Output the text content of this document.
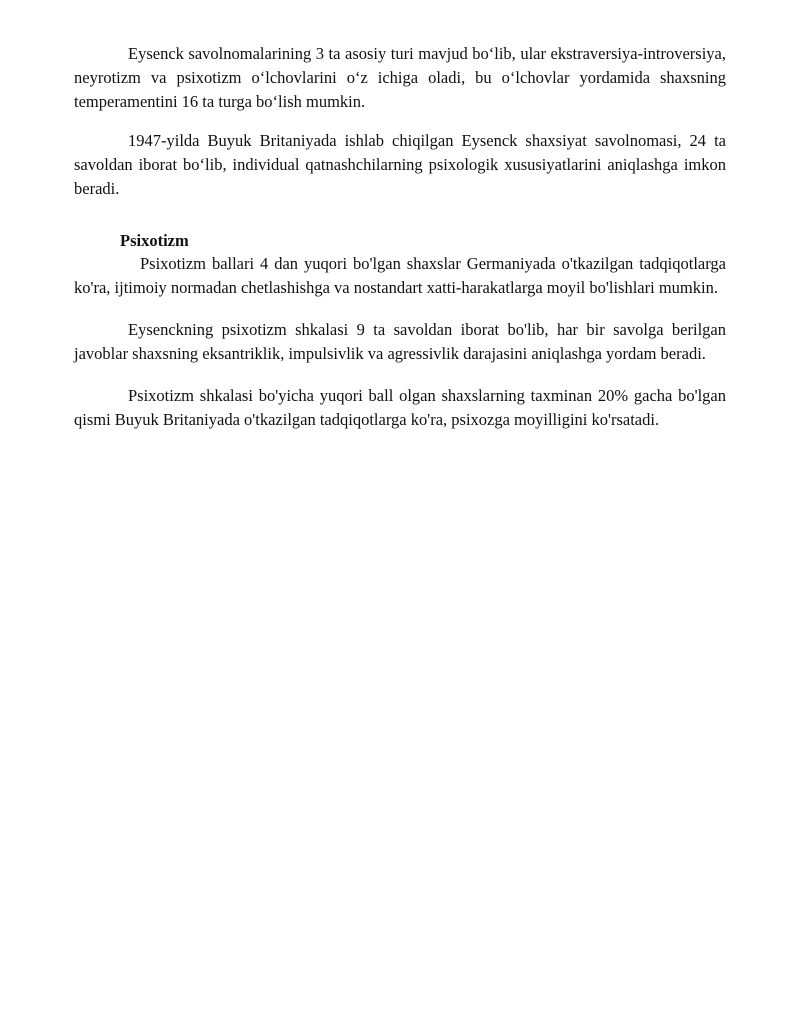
Eysenck savolnomalarining 3 ta asosiy turi mavjud bo‘lib, ular ekstraversiya-introversiya, neyrotizm va psixotizm o‘lchovlarini o‘z ichiga oladi, bu o‘lchovlar yordamida shaxsning temperamentini 16 ta turga bo‘lish mumkin.

1947-yilda Buyuk Britaniyada ishlab chiqilgan Eysenck shaxsiyat savolnomasi, 24 ta savoldan iborat bo‘lib, individual qatnashchilarning psixologik xususiyatlarini aniqlashga imkon beradi.

Psixotizm

Psixotizm ballari 4 dan yuqori bo'lgan shaxslar Germaniyada o'tkazilgan tadqiqotlarga ko'ra, ijtimoiy normadan chetlashishga va nostandart xatti-harakatlarga moyil bo'lishlari mumkin.

Eysenckning psixotizm shkalasi 9 ta savoldan iborat bo'lib, har bir savolga berilgan javoblar shaxsning eksantriklik, impulsivlik va agressivlik darajasini aniqlashga yordam beradi.

Psixotizm shkalasi bo'yicha yuqori ball olgan shaxslarning taxminan 20% gacha bo'lgan qismi Buyuk Britaniyada o'tkazilgan tadqiqotlarga ko'ra, psixozga moyilligini ko'rsatadi.
